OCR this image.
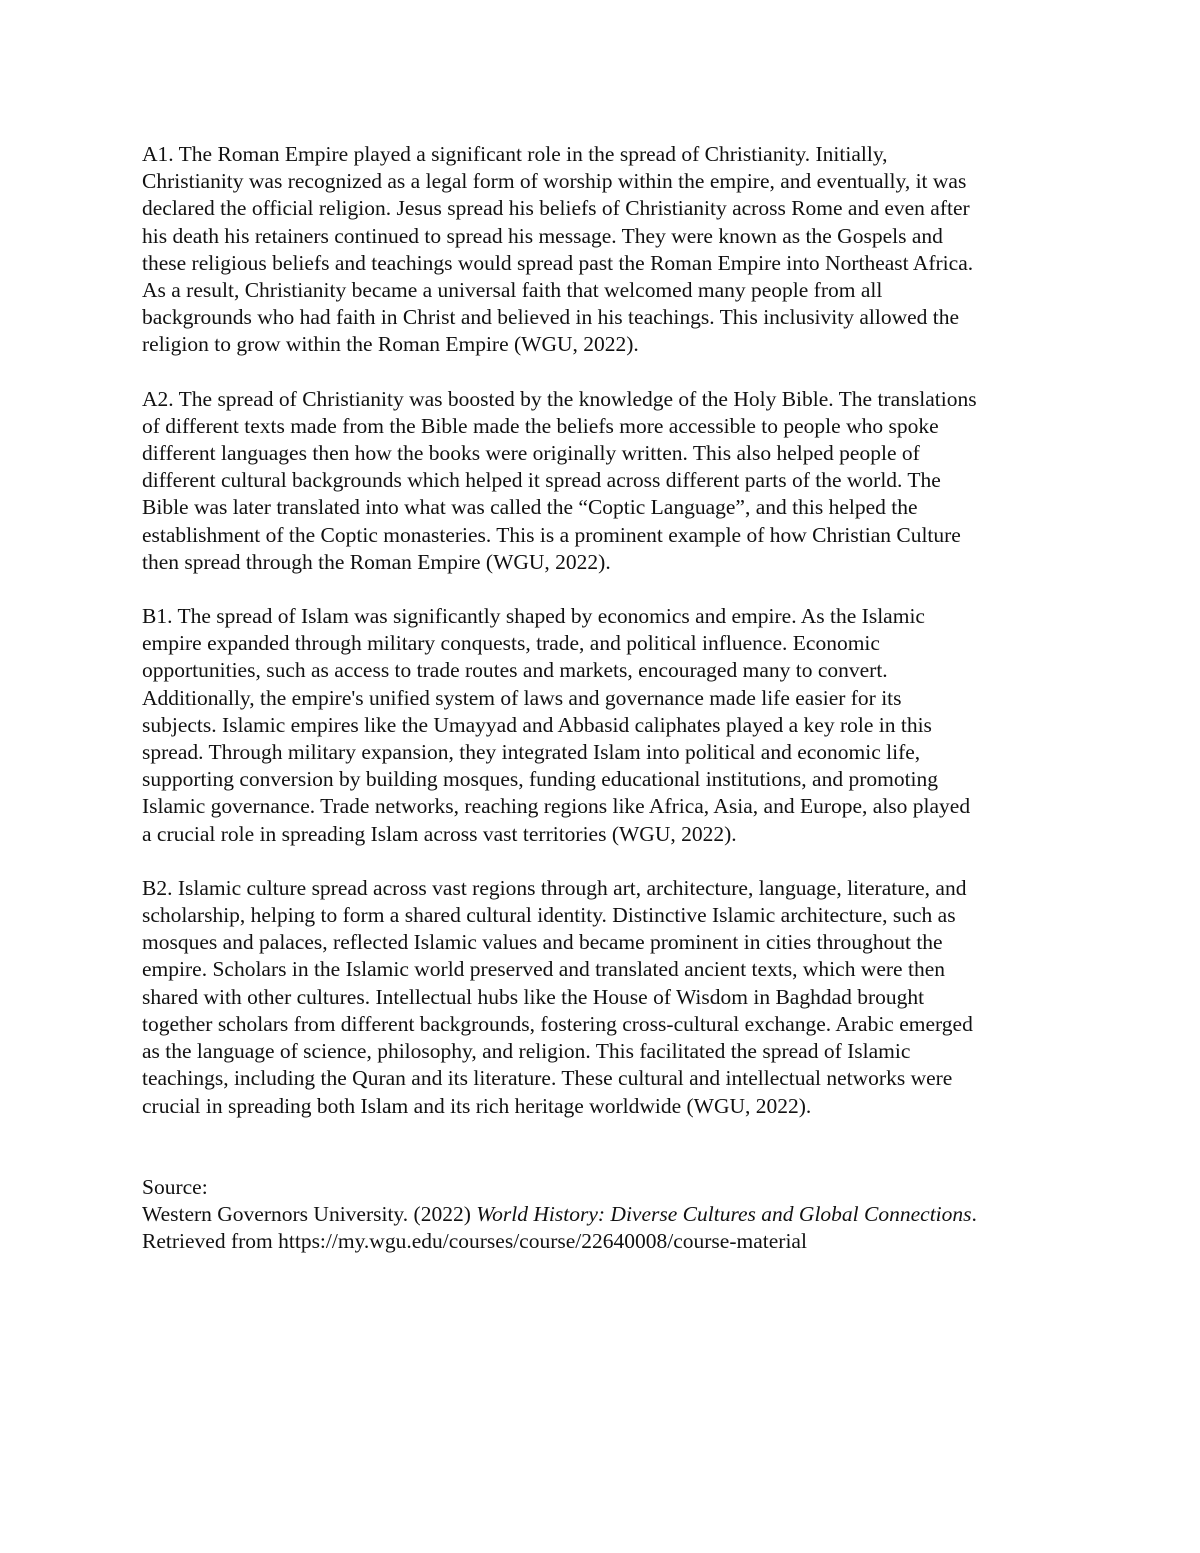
A1. The Roman Empire played a significant role in the spread of Christianity. Initially,
Christianity was recognized as a legal form of worship within the empire, and eventually, it was
declared the official religion. Jesus spread his beliefs of Christianity across Rome and even after
his death his retainers continued to spread his message. They were known as the Gospels and
these religious beliefs and teachings would spread past the Roman Empire into Northeast Africa.
As a result, Christianity became a universal faith that welcomed many people from all
backgrounds who had faith in Christ and believed in his teachings. This inclusivity allowed the
religion to grow within the Roman Empire (WGU, 2022).

A2. The spread of Christianity was boosted by the knowledge of the Holy Bible. The translations
of different texts made from the Bible made the beliefs more accessible to people who spoke
different languages then how the books were originally written. This also helped people of
different cultural backgrounds which helped it spread across different parts of the world. The
Bible was later translated into what was called the “Coptic Language”, and this helped the
establishment of the Coptic monasteries. This is a prominent example of how Christian Culture
then spread through the Roman Empire (WGU, 2022).

B1. The spread of Islam was significantly shaped by economics and empire. As the Islamic
empire expanded through military conquests, trade, and political influence. Economic
opportunities, such as access to trade routes and markets, encouraged many to convert.
Additionally, the empire's unified system of laws and governance made life easier for its
subjects. Islamic empires like the Umayyad and Abbasid caliphates played a key role in this
spread. Through military expansion, they integrated Islam into political and economic life,
supporting conversion by building mosques, funding educational institutions, and promoting
Islamic governance. Trade networks, reaching regions like Africa, Asia, and Europe, also played
a crucial role in spreading Islam across vast territories (WGU, 2022).

B2. Islamic culture spread across vast regions through art, architecture, language, literature, and
scholarship, helping to form a shared cultural identity. Distinctive Islamic architecture, such as
mosques and palaces, reflected Islamic values and became prominent in cities throughout the
empire. Scholars in the Islamic world preserved and translated ancient texts, which were then
shared with other cultures. Intellectual hubs like the House of Wisdom in Baghdad brought
together scholars from different backgrounds, fostering cross-cultural exchange. Arabic emerged
as the language of science, philosophy, and religion. This facilitated the spread of Islamic
teachings, including the Quran and its literature. These cultural and intellectual networks were
crucial in spreading both Islam and its rich heritage worldwide (WGU, 2022).

Source:
Western Governors University. (2022) World History: Diverse Cultures and Global Connections.
Retrieved from https://my.wgu.edu/courses/course/22640008/course-material
